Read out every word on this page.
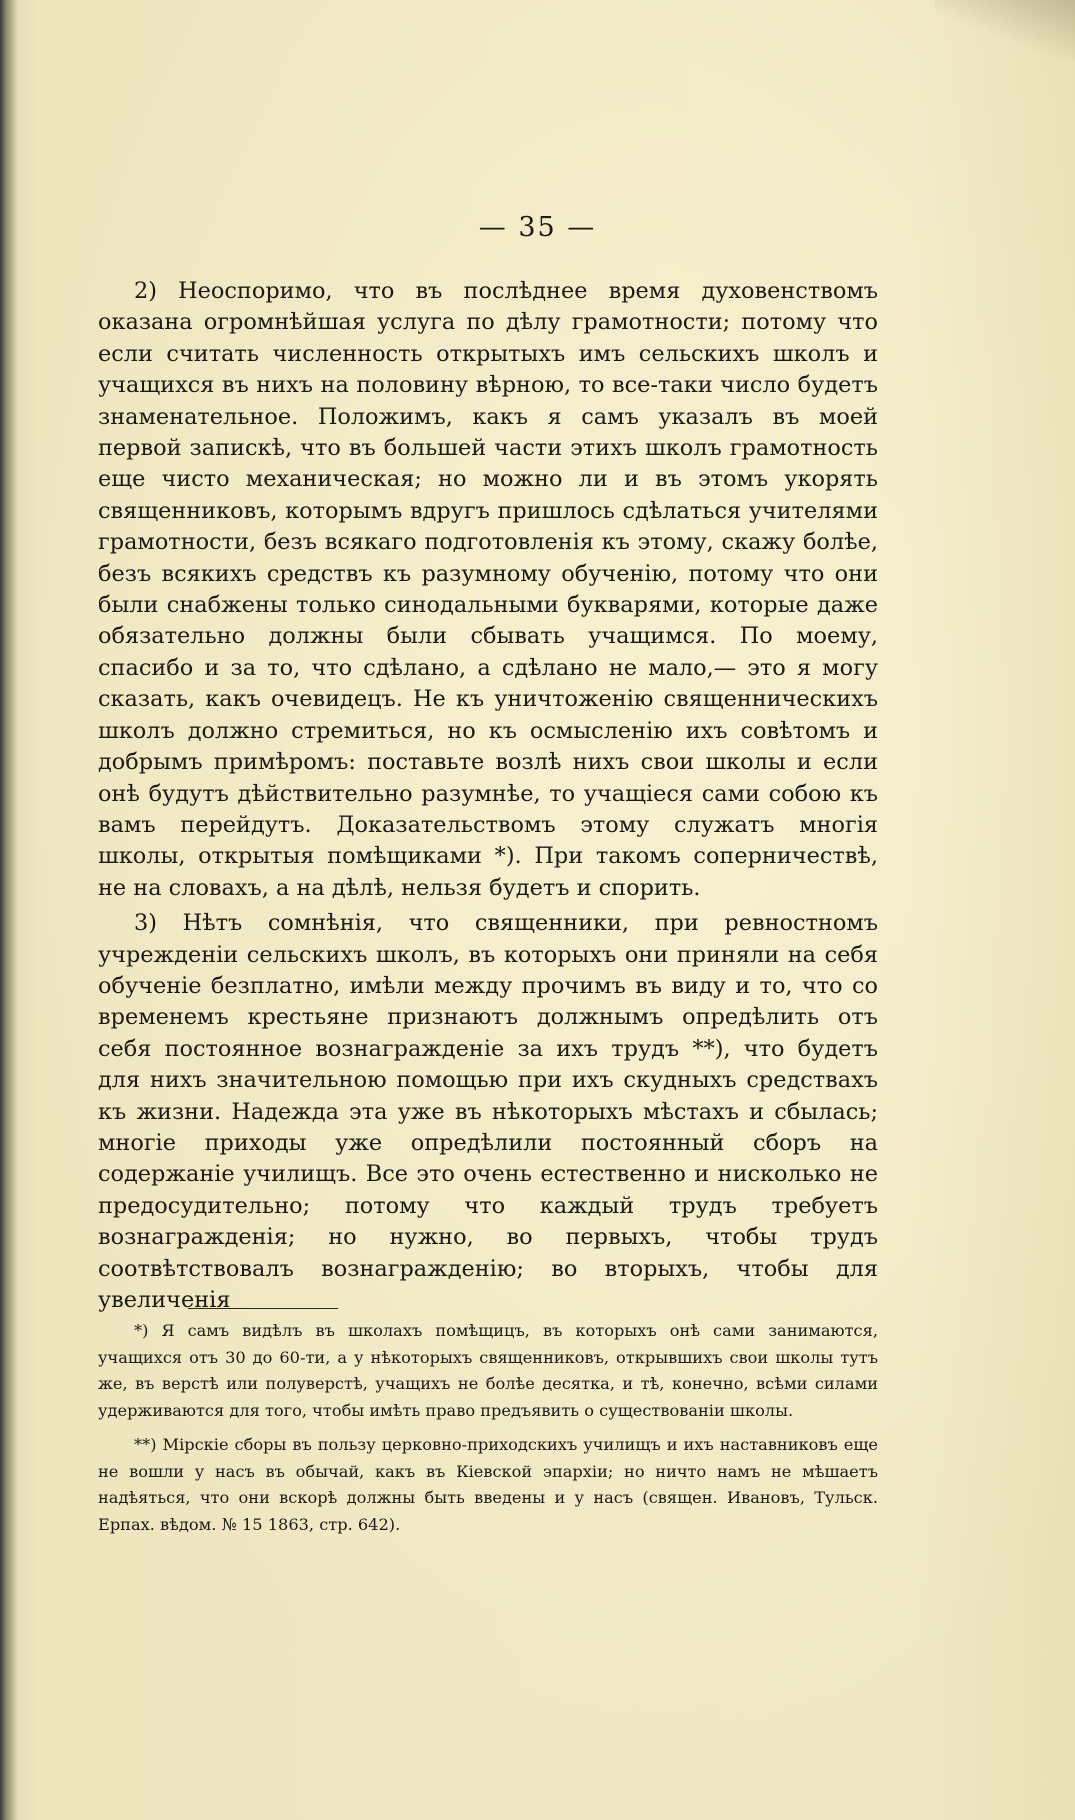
— 35 —

2) Неоспоримо, что въ послѣднее время духовенствомъ оказана огромнѣйшая услуга по дѣлу грамотности; потому что если считать численность открытыхъ имъ сельскихъ школъ и учащихся въ нихъ на половину вѣрною, то все-таки число будетъ знаменательное. Положимъ, какъ я самъ указалъ въ моей первой запискѣ, что въ большей части этихъ школъ грамотность еще чисто механическая; но можно ли и въ этомъ укорять священниковъ, которымъ вдругъ пришлось сдѣлаться учителями грамотности, безъ всякаго подготовленія къ этому, скажу болѣе, безъ всякихъ средствъ къ разумному обученію, потому что они были снабжены только синодальными букварями, которые даже обязательно должны были сбывать учащимся. По моему, спасибо и за то, что сдѣлано, а сдѣлано не мало,— это я могу сказать, какъ очевидецъ. Не къ уничтоженію священническихъ школъ должно стремиться, но къ осмысленію ихъ совѣтомъ и добрымъ примѣромъ: поставьте возлѣ нихъ свои школы и если онѣ будутъ дѣйствительно разумнѣе, то учащіеся сами собою къ вамъ перейдутъ. Доказательствомъ этому служатъ многія школы, открытыя помѣщиками *). При такомъ соперничествѣ, не на словахъ, а на дѣлѣ, нельзя будетъ и спорить.

3) Нѣтъ сомнѣнія, что священники, при ревностномъ учрежденіи сельскихъ школъ, въ которыхъ они приняли на себя обученіе безплатно, имѣли между прочимъ въ виду и то, что со временемъ крестьяне признаютъ должнымъ опредѣлить отъ себя постоянное вознагражденіе за ихъ трудъ **), что будетъ для нихъ значительною помощью при ихъ скудныхъ средствахъ къ жизни. Надежда эта уже въ нѣкоторыхъ мѣстахъ и сбылась; многіе приходы уже опредѣлили постоянный сборъ на содержаніе училищъ. Все это очень естественно и нисколько не предосудительно; потому что каждый трудъ требуетъ вознагражденія; но нужно, во первыхъ, чтобы трудъ соотвѣтствовалъ вознагражденію; во вторыхъ, чтобы для увеличенія

*) Я самъ видѣлъ въ школахъ помѣщицъ, въ которыхъ онѣ сами занимаются, учащихся отъ 30 до 60-ти, а у нѣкоторыхъ священниковъ, открывшихъ свои школы тутъ же, въ верстѣ или полуверстѣ, учащихъ не болѣе десятка, и тѣ, конечно, всѣми силами удерживаются для того, чтобы имѣть право предъявить о существованіи школы.

**) Мірскіе сборы въ пользу церковно-приходскихъ училищъ и ихъ наставниковъ еще не вошли у насъ въ обычай, какъ въ Кіевской эпархіи; но ничто намъ не мѣшаетъ надѣяться, что они вскорѣ должны быть введены и у насъ (священ. Ивановъ, Тульск. Ерпах. вѣдом. № 15 1863, стр. 642).
